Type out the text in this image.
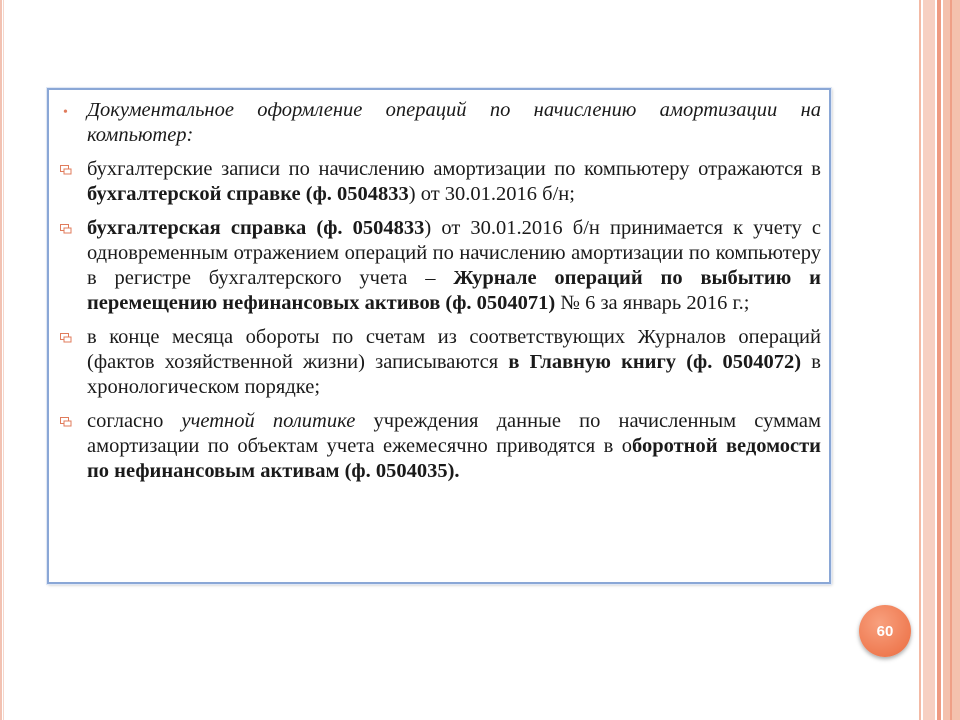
• Документальное оформление операций по начислению амортизации на компьютер:
бухгалтерские записи по начислению амортизации по компьютеру отражаются в бухгалтерской справке (ф. 0504833) от 30.01.2016 б/н;
бухгалтерская справка (ф. 0504833) от 30.01.2016 б/н принимается к учету с одновременным отражением операций по начислению амортизации по компьютеру в регистре бухгалтерского учета – Журнале операций по выбытию и перемещению нефинансовых активов (ф. 0504071) № 6 за январь 2016 г.;
в конце месяца обороты по счетам из соответствующих Журналов операций (фактов хозяйственной жизни) записываются в Главную книгу (ф. 0504072) в хронологическом порядке;
согласно учетной политике учреждения данные по начисленным суммам амортизации по объектам учета ежемесячно приводятся в оборотной ведомости по нефинансовым активам (ф. 0504035).
60
